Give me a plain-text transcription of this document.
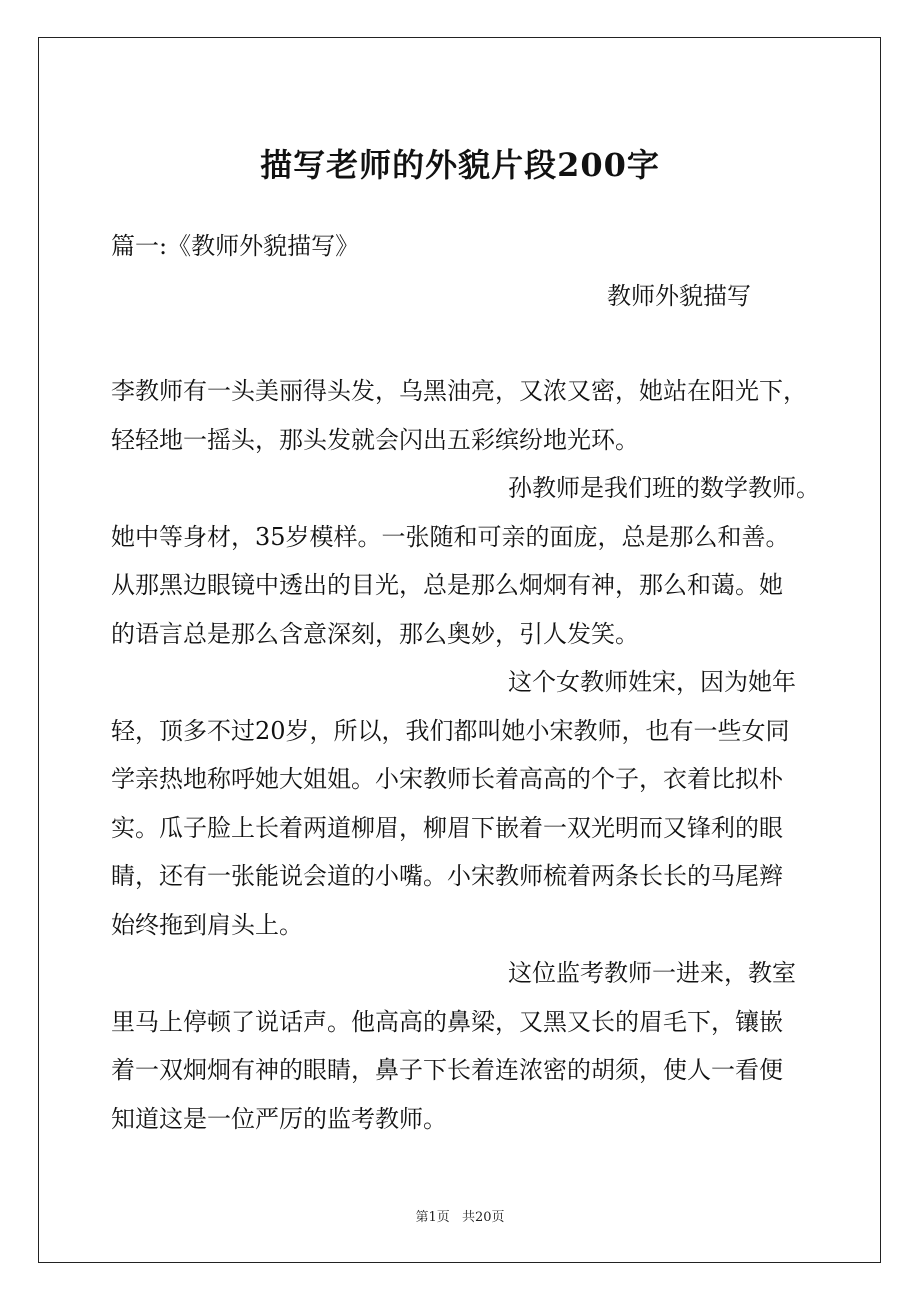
描写老师的外貌片段200字
篇一:《教师外貌描写》
教师外貌描写
李教师有一头美丽得头发，乌黑油亮，又浓又密，她站在阳光下，
轻轻地一摇头，那头发就会闪出五彩缤纷地光环。
孙教师是我们班的数学教师。
她中等身材，35岁模样。一张随和可亲的面庞，总是那么和善。
从那黑边眼镜中透出的目光，总是那么炯炯有神，那么和蔼。她
的语言总是那么含意深刻，那么奥妙，引人发笑。
这个女教师姓宋，因为她年
轻，顶多不过20岁，所以，我们都叫她小宋教师，也有一些女同
学亲热地称呼她大姐姐。小宋教师长着高高的个子，衣着比拟朴
实。瓜子脸上长着两道柳眉，柳眉下嵌着一双光明而又锋利的眼
睛，还有一张能说会道的小嘴。小宋教师梳着两条长长的马尾辫
始终拖到肩头上。
这位监考教师一进来，教室
里马上停顿了说话声。他高高的鼻梁，又黑又长的眉毛下，镶嵌
着一双炯炯有神的眼睛，鼻子下长着连浓密的胡须，使人一看便
知道这是一位严厉的监考教师。
第1页 共20页
